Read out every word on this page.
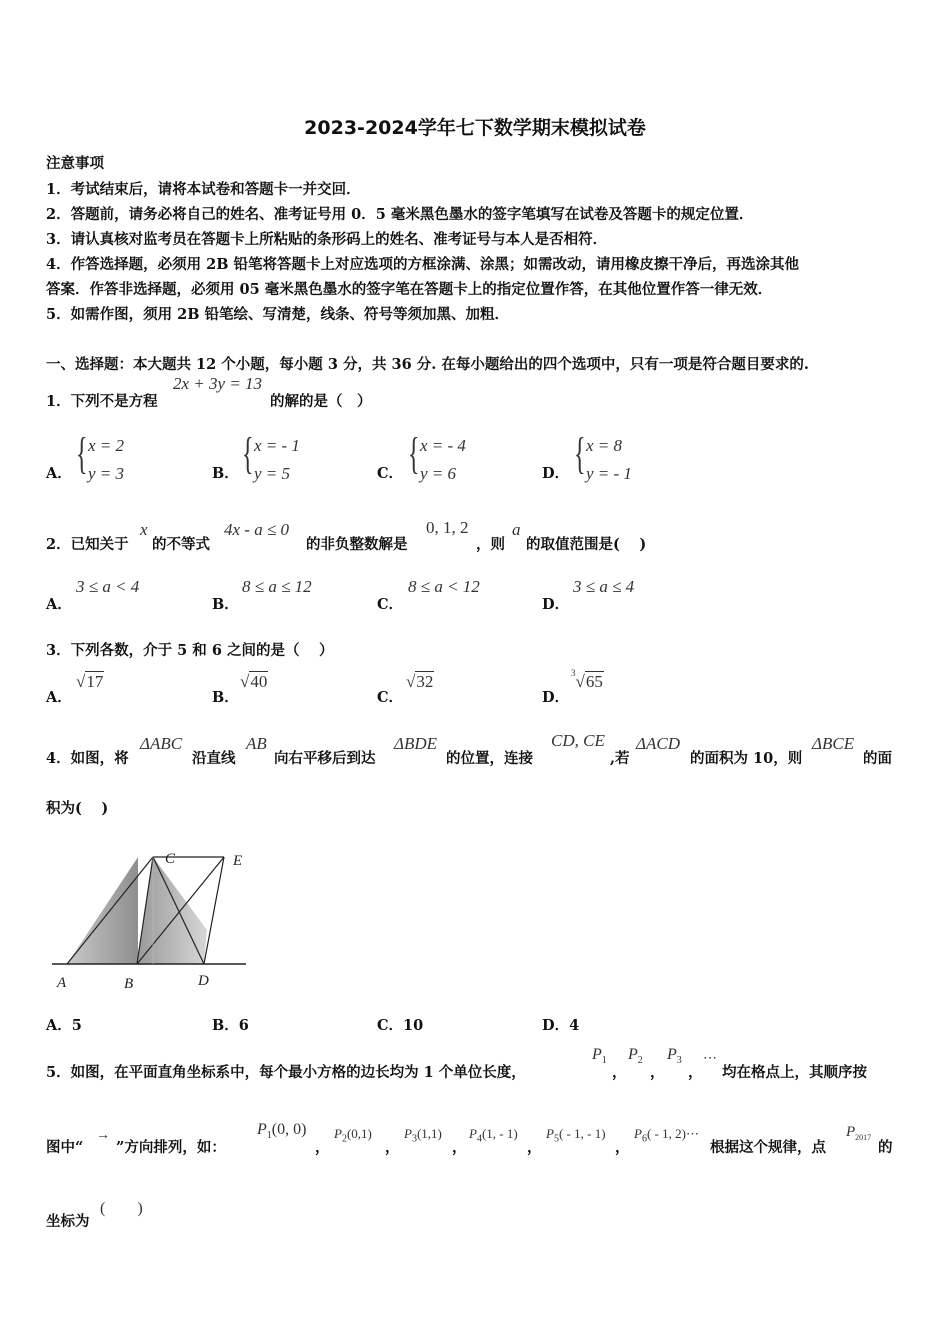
2023-2024学年七下数学期末模拟试卷
注意事项
1．考试结束后，请将本试卷和答题卡一并交回．
2．答题前，请务必将自己的姓名、准考证号用 0．5 毫米黑色墨水的签字笔填写在试卷及答题卡的规定位置．
3．请认真核对监考员在答题卡上所粘贴的条形码上的姓名、准考证号与本人是否相符．
4．作答选择题，必须用 2B 铅笔将答题卡上对应选项的方框涂满、涂黑；如需改动，请用橡皮擦干净后，再选涂其他
答案．作答非选择题，必须用 05 毫米黑色墨水的签字笔在答题卡上的指定位置作答，在其他位置作答一律无效．
5．如需作图，须用 2B 铅笔绘、写清楚，线条、符号等须加黑、加粗．
一、选择题：本大题共 12 个小题，每小题 3 分，共 36 分. 在每小题给出的四个选项中，只有一项是符合题目要求的.
1．下列不是方程
2x + 3y = 13
的解的是（　）
A． { x = 2
y = 3	B． { x = - 1
y = 5	C． { x = - 4
y = 6	D． { x = 8
y = - 1
2．已知关于
x
的不等式
4x - a ≤ 0
的非负整数解是
0, 1, 2
，则
a
的取值范围是(　 )
A．
3 ≤ a < 4
B．
8 ≤ a ≤ 12
C．
8 ≤ a < 12
D．
3 ≤ a ≤ 4
3．下列各数，介于 5 和 6 之间的是（　 ）
A．
√17
B．
√40
C．
√32
D．
$^3$√65
4．如图，将
ΔABC
沿直线
AB
向右平移后到达
ΔBDE
的位置，连接
CD, CE
,若
ΔACD
的面积为 10，则
ΔBCE
的面
积为(　 )
A	B	D
C	E
A．5	B．6	C．10	D．4
5．如图，在平面直角坐标系中，每个最小方格的边长均为 1 个单位长度，
$P_1$
，
$P_2$
，
$P_3$
，
⋯
均在格点上，其顺序按
图中“
→
”方向排列，如：
$P_1(0$, 0)
，
$P_2(0,1)$
，
$P_3(1,1)$
，
$P_4(1$, - 1)
，
$P_5( - 1$, - 1)
，
$P_6( - 1$, 2)⋯
根据这个规律，点
$P_{2017}$
的
坐标为
(　　)
